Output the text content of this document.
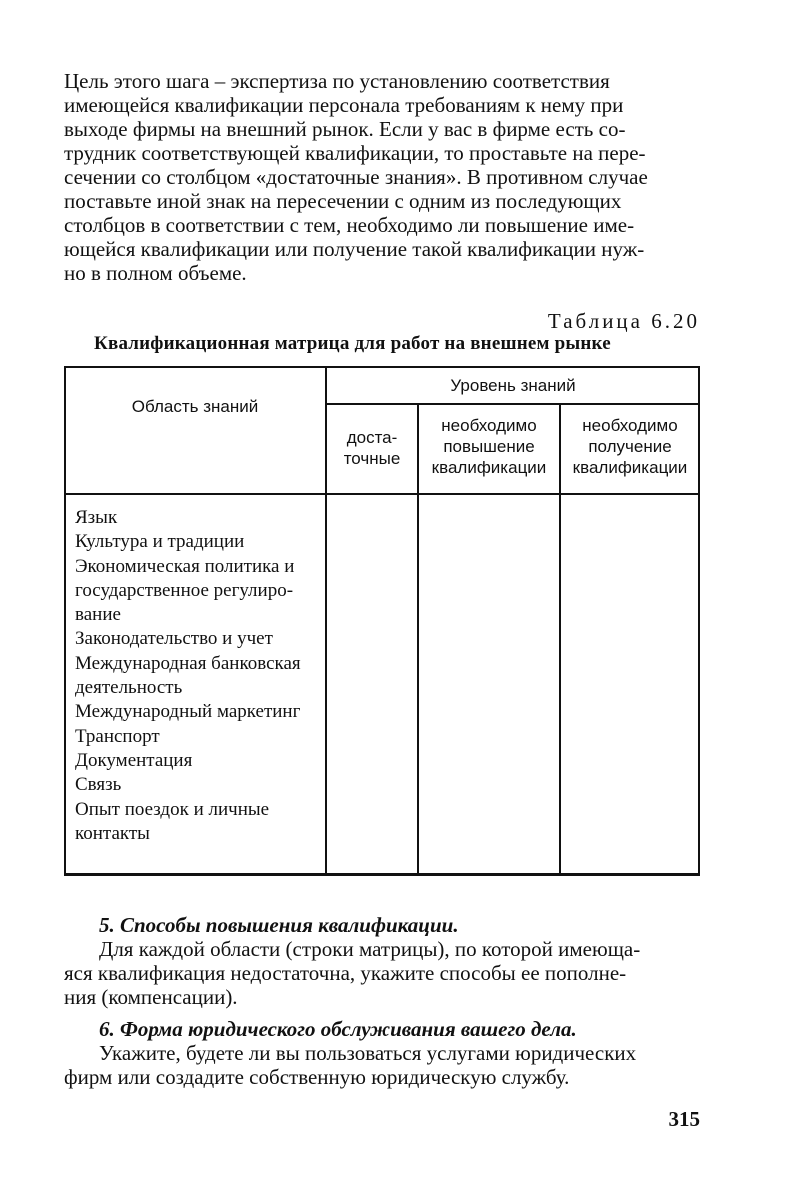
Цель этого шага – экспертиза по установлению соответствия
имеющейся квалификации персонала требованиям к нему при
выходе фирмы на внешний рынок. Если у вас в фирме есть со-
трудник соответствующей квалификации, то проставьте на пере-
сечении со столбцом «достаточные знания». В противном случае
поставьте иной знак на пересечении с одним из последующих
столбцов в соответствии с тем, необходимо ли повышение име-
ющейся квалификации или получение такой квалификации нуж-
но в полном объеме.

Таблица 6.20
Квалификационная матрица для работ на внешнем рынке
Область знаний
Уровень знаний
доста-
точные
необходимо
повышение
квалификации
необходимо
получение
квалификации
Язык
Культура и традиции
Экономическая политика и
государственное регулиро-
вание
Законодательство и учет
Международная банковская
деятельность
Международный маркетинг
Транспорт
Документация
Связь
Опыт поездок и личные
контакты
5. Способы повышения квалификации.

Для каждой области (строки матрицы), по которой имеюща-
яся квалификация недостаточна, укажите способы ее пополне-
ния (компенсации).

6. Форма юридического обслуживания вашего дела.

Укажите, будете ли вы пользоваться услугами юридических
фирм или создадите собственную юридическую службу.

315
